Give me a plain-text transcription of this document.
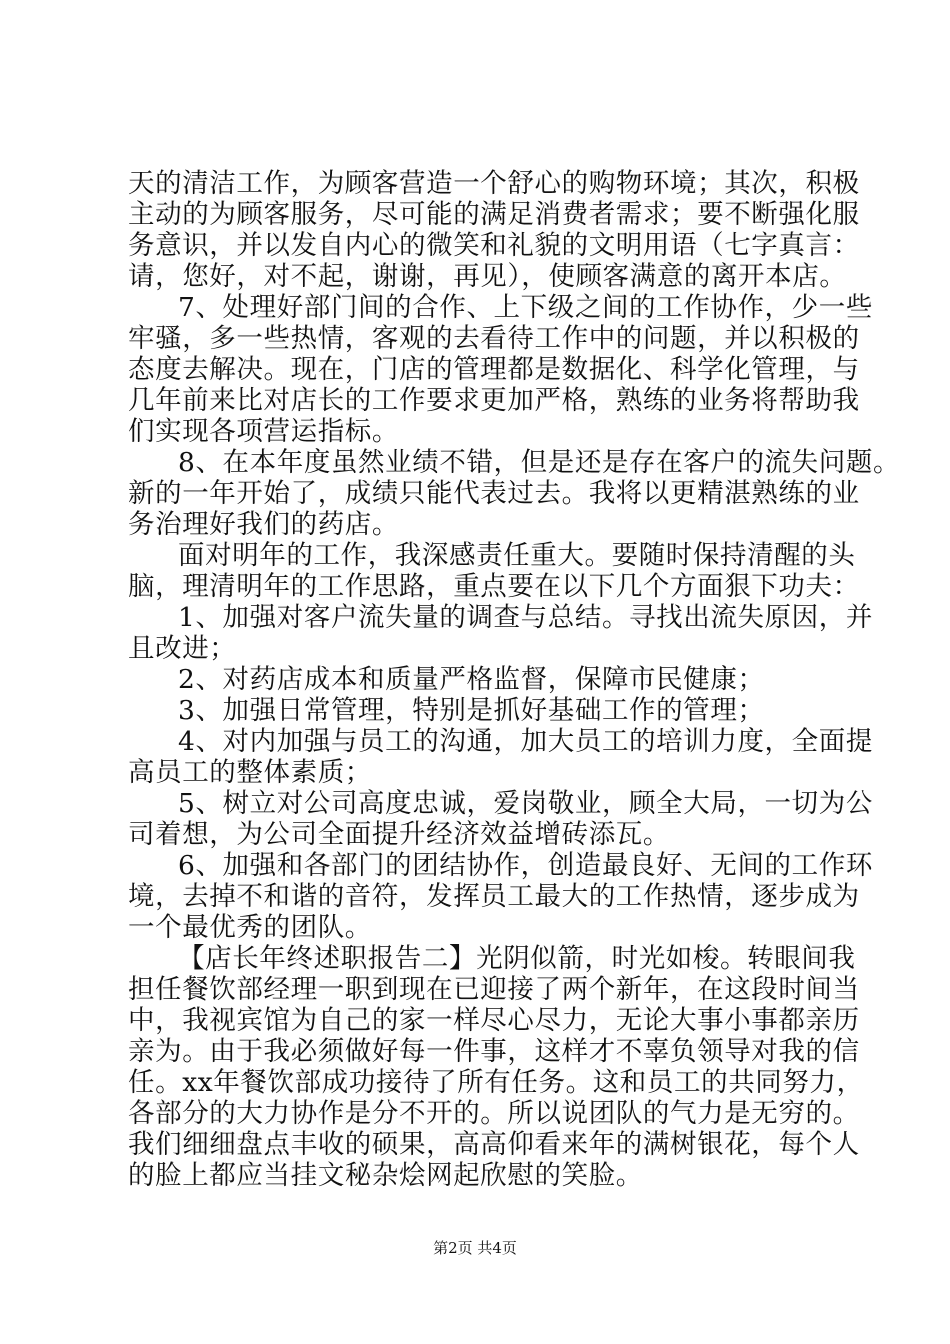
天的清洁工作，为顾客营造一个舒心的购物环境；其次，积极
主动的为顾客服务，尽可能的满足消费者需求；要不断强化服
务意识，并以发自内心的微笑和礼貌的文明用语（七字真言：
请，您好，对不起，谢谢，再见），使顾客满意的离开本店。
7、处理好部门间的合作、上下级之间的工作协作，少一些
牢骚，多一些热情，客观的去看待工作中的问题，并以积极的
态度去解决。现在，门店的管理都是数据化、科学化管理，与
几年前来比对店长的工作要求更加严格，熟练的业务将帮助我
们实现各项营运指标。
8、在本年度虽然业绩不错，但是还是存在客户的流失问题。
新的一年开始了，成绩只能代表过去。我将以更精湛熟练的业
务治理好我们的药店。
面对明年的工作，我深感责任重大。要随时保持清醒的头
脑，理清明年的工作思路，重点要在以下几个方面狠下功夫：
1、加强对客户流失量的调查与总结。寻找出流失原因，并
且改进；
2、对药店成本和质量严格监督，保障市民健康；
3、加强日常管理，特别是抓好基础工作的管理；
4、对内加强与员工的沟通，加大员工的培训力度，全面提
高员工的整体素质；
5、树立对公司高度忠诚，爱岗敬业，顾全大局，一切为公
司着想，为公司全面提升经济效益增砖添瓦。
6、加强和各部门的团结协作，创造最良好、无间的工作环
境，去掉不和谐的音符，发挥员工最大的工作热情，逐步成为
一个最优秀的团队。
【店长年终述职报告二】光阴似箭，时光如梭。转眼间我
担任餐饮部经理一职到现在已迎接了两个新年，在这段时间当
中，我视宾馆为自己的家一样尽心尽力，无论大事小事都亲历
亲为。由于我必须做好每一件事，这样才不辜负领导对我的信
任。xx年餐饮部成功接待了所有任务。这和员工的共同努力，
各部分的大力协作是分不开的。所以说团队的气力是无穷的。
我们细细盘点丰收的硕果，高高仰看来年的满树银花，每个人
的脸上都应当挂文秘杂烩网起欣慰的笑脸。
第2页 共4页
